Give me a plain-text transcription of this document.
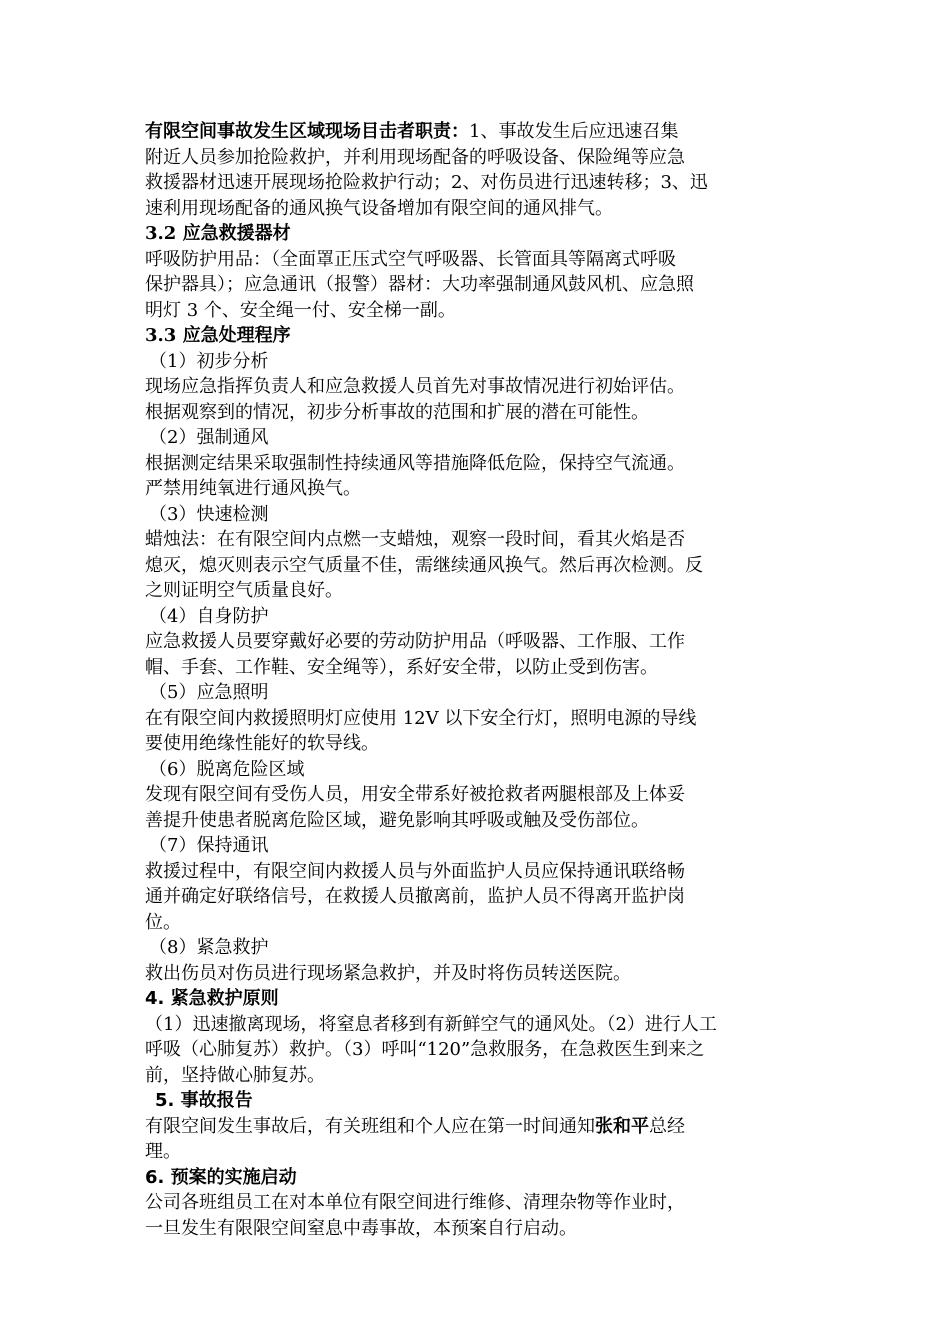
有限空间事故发生区域现场目击者职责：1、事故发生后应迅速召集
附近人员参加抢险救护，并利用现场配备的呼吸设备、保险绳等应急
救援器材迅速开展现场抢险救护行动；2、对伤员进行迅速转移；3、迅
速利用现场配备的通风换气设备增加有限空间的通风排气。
3.2 应急救援器材
呼吸防护用品：（全面罩正压式空气呼吸器、长管面具等隔离式呼吸
保护器具）；应急通讯（报警）器材：大功率强制通风鼓风机、应急照
明灯 3 个、安全绳一付、安全梯一副。
3.3 应急处理程序
（1）初步分析
现场应急指挥负责人和应急救援人员首先对事故情况进行初始评估。
根据观察到的情况，初步分析事故的范围和扩展的潜在可能性。
（2）强制通风
根据测定结果采取强制性持续通风等措施降低危险，保持空气流通。
严禁用纯氧进行通风换气。
（3）快速检测
蜡烛法：在有限空间内点燃一支蜡烛，观察一段时间，看其火焰是否
熄灭，熄灭则表示空气质量不佳，需继续通风换气。然后再次检测。反
之则证明空气质量良好。
（4）自身防护
应急救援人员要穿戴好必要的劳动防护用品（呼吸器、工作服、工作
帽、手套、工作鞋、安全绳等），系好安全带，以防止受到伤害。
（5）应急照明
在有限空间内救援照明灯应使用 12V 以下安全行灯，照明电源的导线
要使用绝缘性能好的软导线。
（6）脱离危险区域
发现有限空间有受伤人员，用安全带系好被抢救者两腿根部及上体妥
善提升使患者脱离危险区域，避免影响其呼吸或触及受伤部位。
（7）保持通讯
救援过程中，有限空间内救援人员与外面监护人员应保持通讯联络畅
通并确定好联络信号，在救援人员撤离前，监护人员不得离开监护岗
位。
（8）紧急救护
救出伤员对伤员进行现场紧急救护，并及时将伤员转送医院。
4. 紧急救护原则
（1）迅速撤离现场，将窒息者移到有新鲜空气的通风处。（2）进行人工
呼吸（心肺复苏）救护。（3）呼叫“120”急救服务，在急救医生到来之
前，坚持做心肺复苏。
5. 事故报告
有限空间发生事故后，有关班组和个人应在第一时间通知张和平总经
理。
6. 预案的实施启动
公司各班组员工在对本单位有限空间进行维修、清理杂物等作业时，
一旦发生有限限空间窒息中毒事故，本预案自行启动。
